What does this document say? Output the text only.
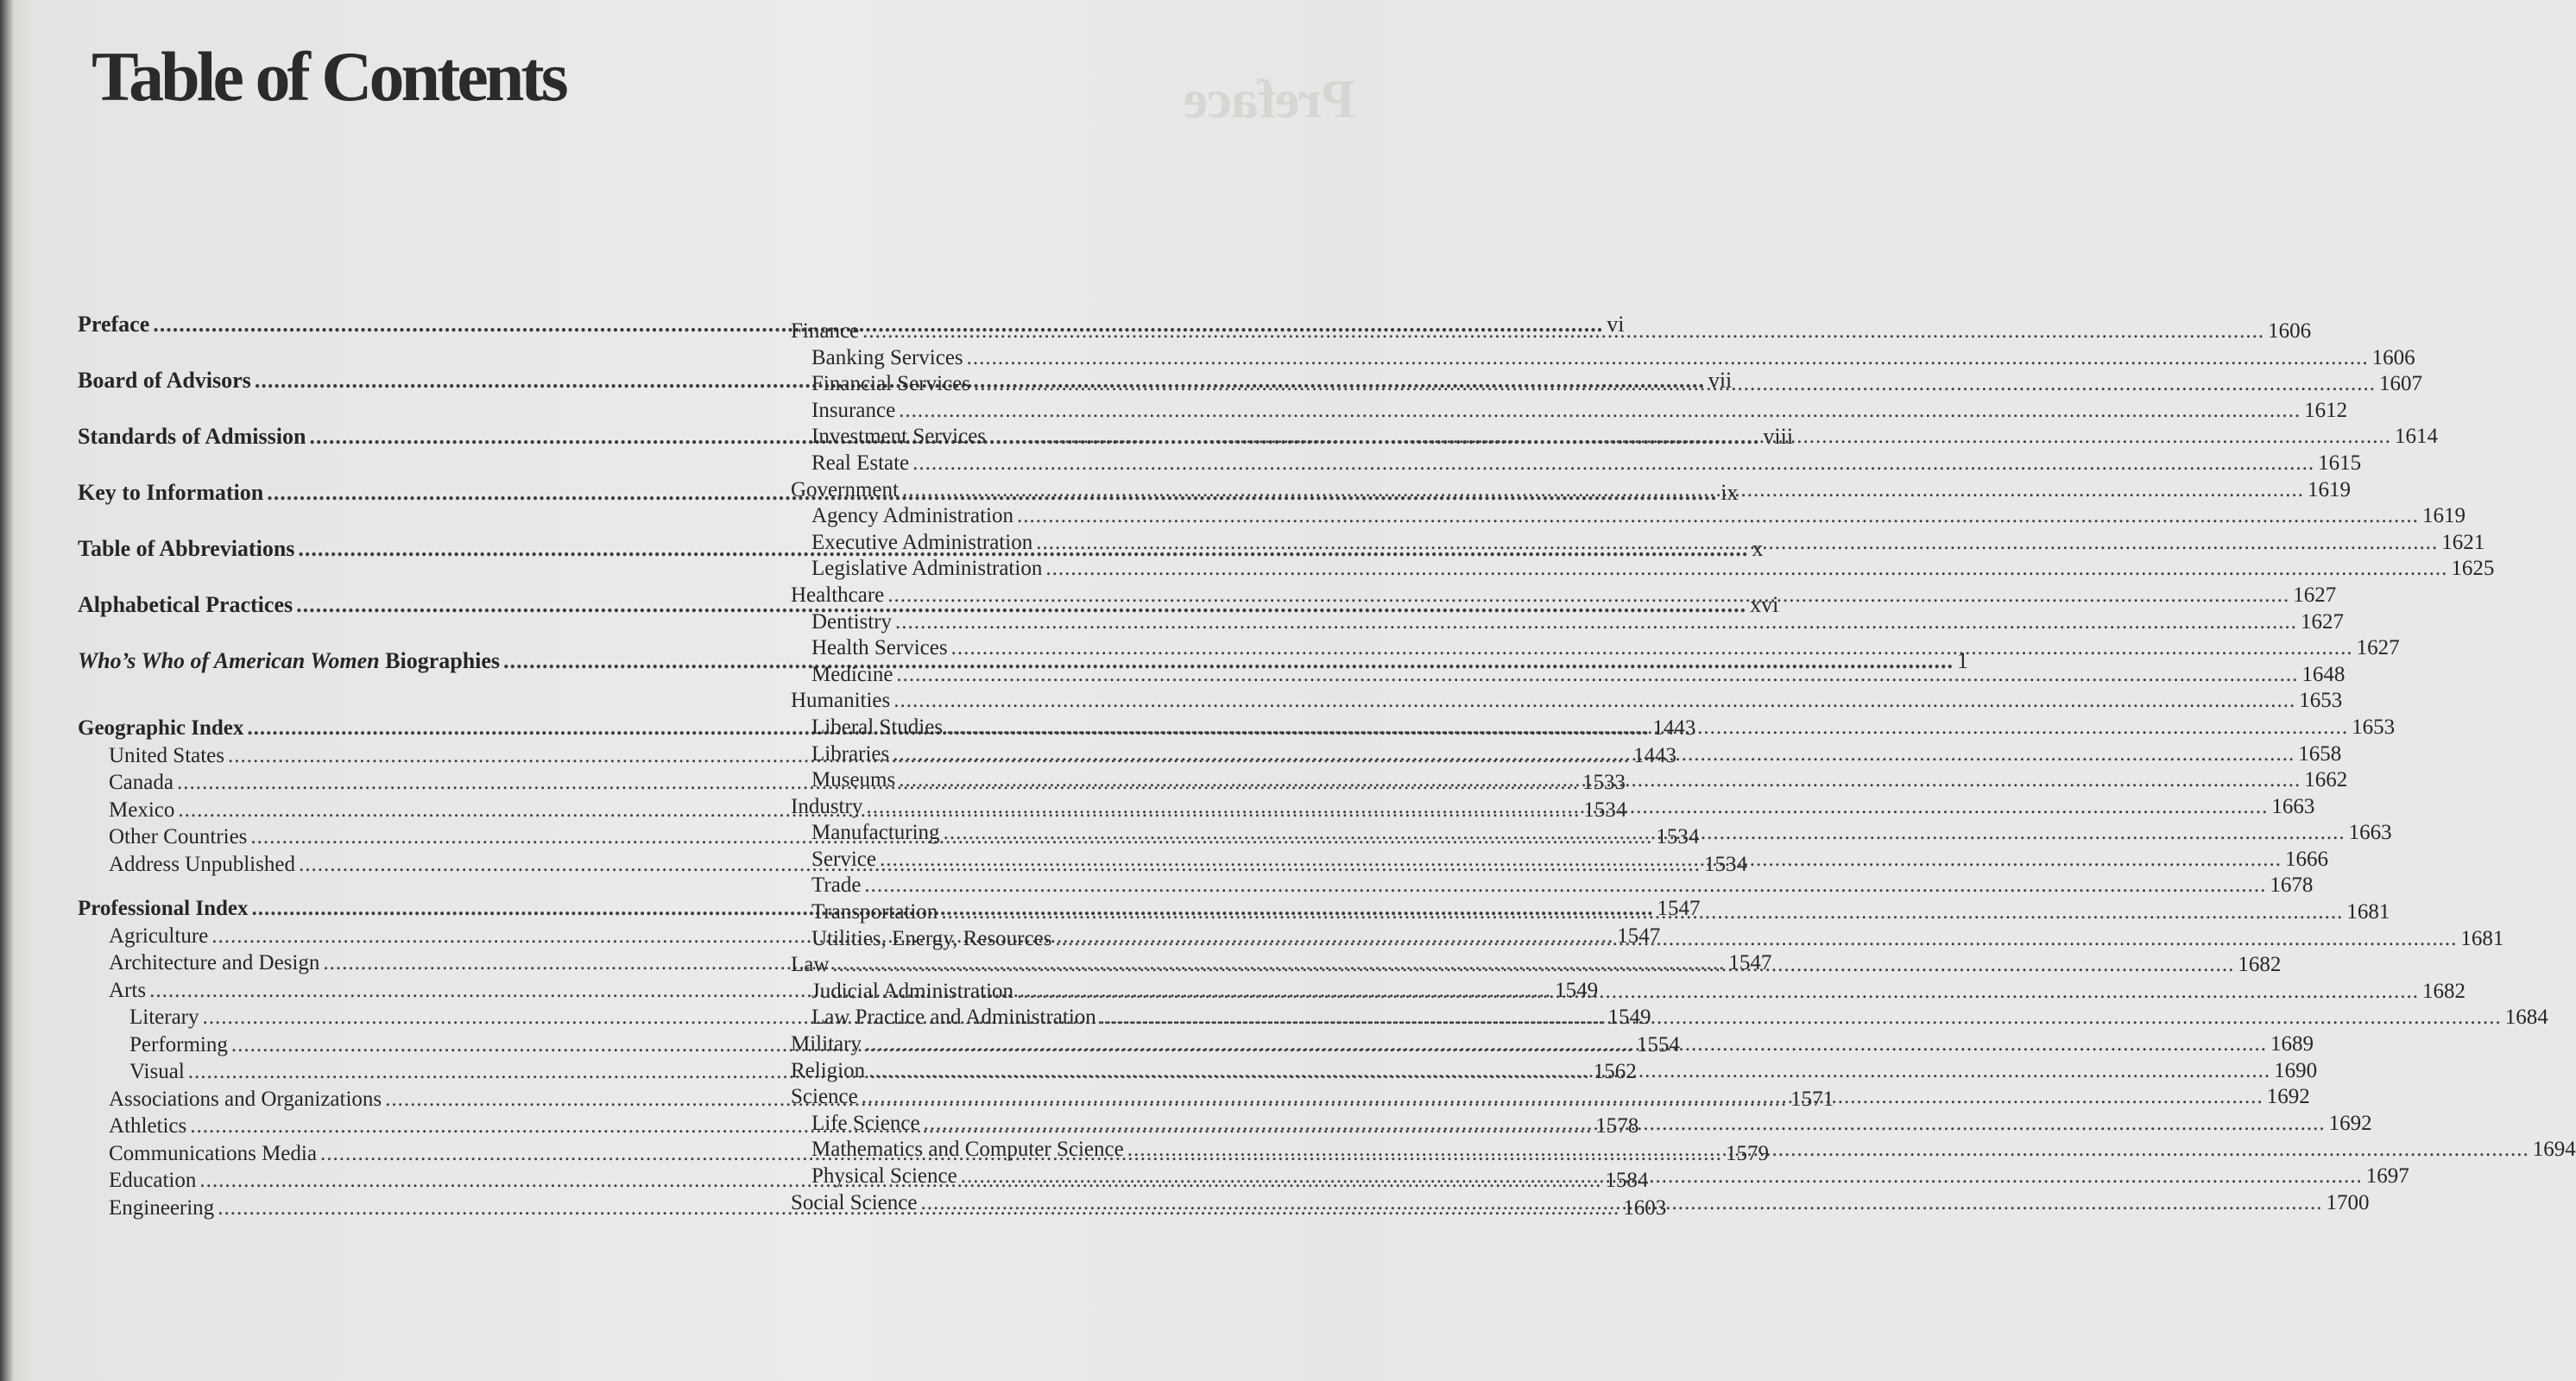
Preface
Table of Contents
Preface .....	vi
Board of Advisors .....	vii
Standards of Admission .....	viii
Key to Information .....	ix
Table of Abbreviations .....	x
Alphabetical Practices .....	xvi
Who’s Who of American Women Biographies .....	1
Geographic Index .....	1443
United States .....	1443
Canada .....	1533
Mexico .....	1534
Other Countries .....	1534
Address Unpublished .....	1534
Professional Index .....	1547
Agriculture .....	1547
Architecture and Design .....	1547
Arts .....	1549
Literary .....	1549
Performing .....	1554
Visual .....	1562
Associations and Organizations .....	1571
Athletics .....	1578
Communications Media .....	1579
Education .....	1584
Engineering .....	1603
Finance .....	1606
Banking Services .....	1606
Financial Services .....	1607
Insurance .....	1612
Investment Services .....	1614
Real Estate .....	1615
Government .....	1619
Agency Administration .....	1619
Executive Administration .....	1621
Legislative Administration .....	1625
Healthcare .....	1627
Dentistry .....	1627
Health Services .....	1627
Medicine .....	1648
Humanities .....	1653
Liberal Studies .....	1653
Libraries .....	1658
Museums .....	1662
Industry .....	1663
Manufacturing .....	1663
Service .....	1666
Trade .....	1678
Transportation .....	1681
Utilities, Energy, Resources .....	1681
Law .....	1682
Judicial Administration .....	1682
Law Practice and Administration .....	1684
Military .....	1689
Religion .....	1690
Science .....	1692
Life Science .....	1692
Mathematics and Computer Science .....	1694
Physical Science .....	1697
Social Science .....	1700
